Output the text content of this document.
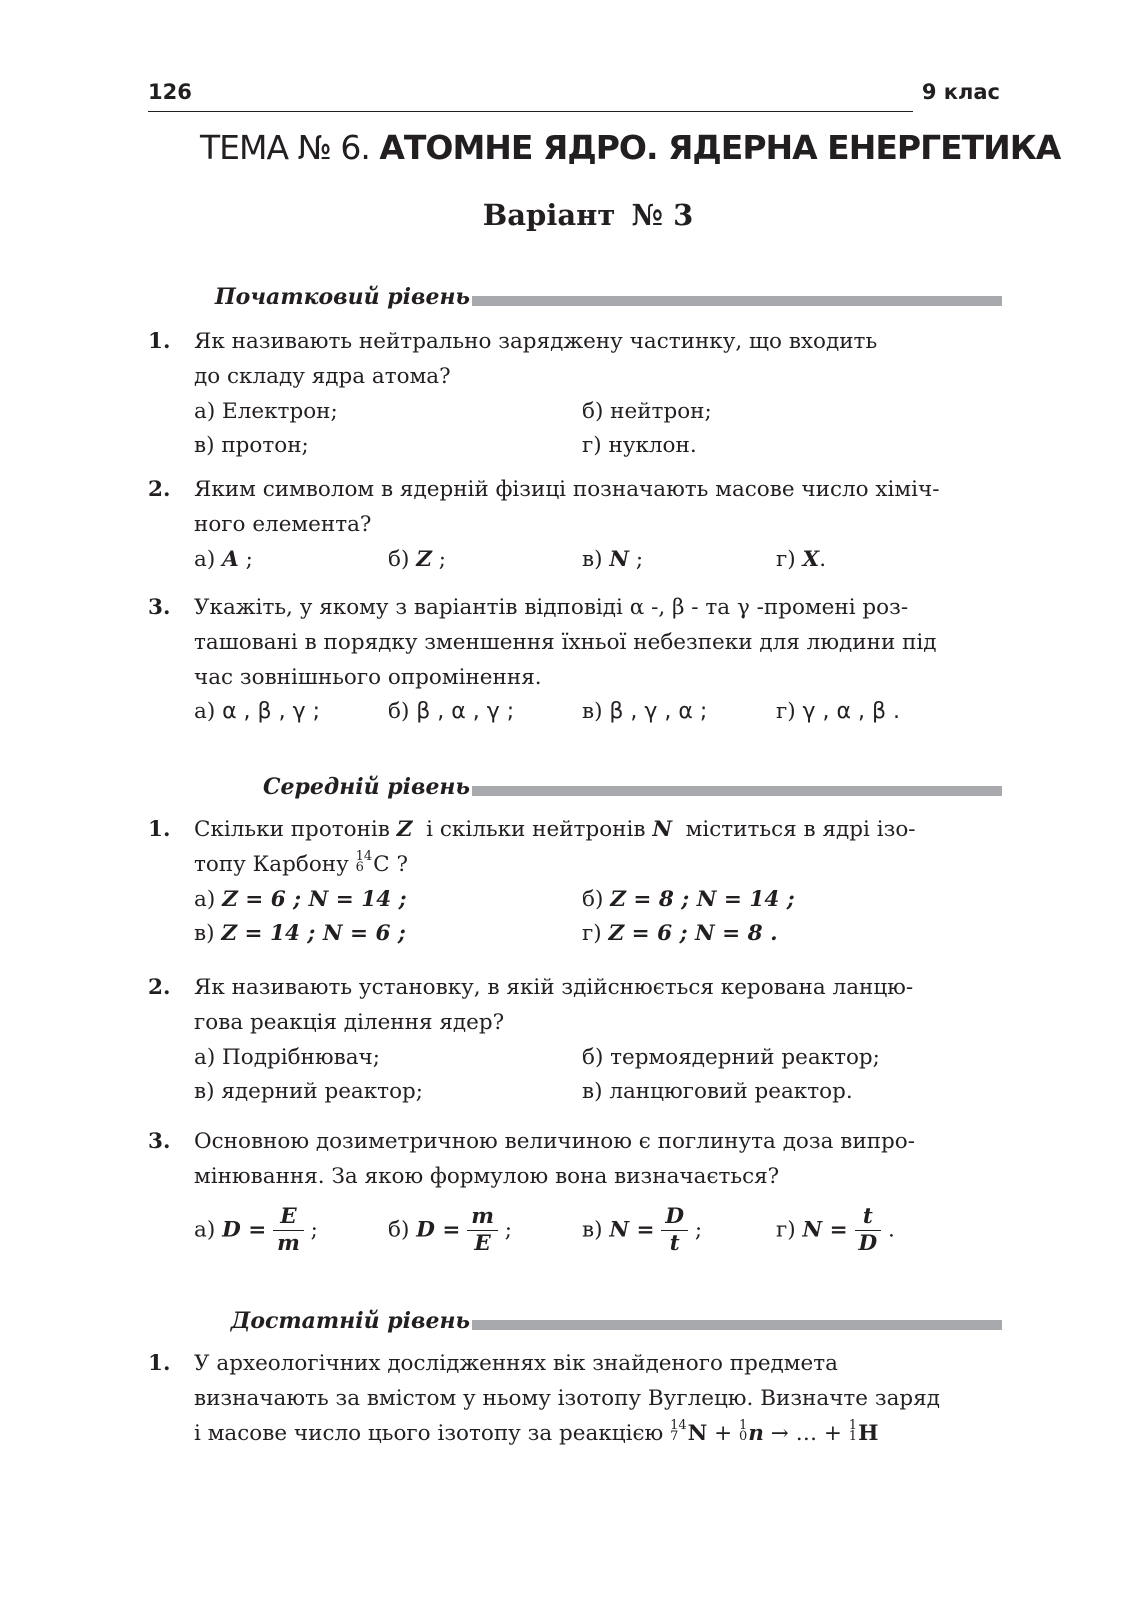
126	9 клас
ТЕМА № 6. АТОМНЕ ЯДРО. ЯДЕРНА ЕНЕРГЕТИКА
Варіант № 3
Початковий рівень
1. Як називають нейтрально заряджену частинку, що входить
до складу ядра атома?
а) Електрон;	б) нейтрон;
в) протон;	г) нуклон.
2. Яким символом в ядерній фізиці позначають масове число хіміч-
ного елемента?
а) A ;	б) Z ;	в) N ;	г) X.
3. Укажіть, у якому з варіантів відповіді α -, β - та γ -промені роз-
ташовані в порядку зменшення їхньої небезпеки для людини під
час зовнішнього опромінення.
а) α , β , γ ;	б) β , α , γ ;	в) β , γ , α ;	г) γ , α , β .
Середній рівень
1. Скільки протонів Z і скільки нейтронів N міститься в ядрі ізо-
топу Карбону 14
6 C ?
а) Z = 6 ; N = 14 ;	б) Z = 8 ; N = 14 ;
в) Z = 14 ; N = 6 ;	г) Z = 6 ; N = 8 .
2. Як називають установку, в якій здійснюється керована ланцю-
гова реакція ділення ядер?
а) Подрібнювач;	б) термоядерний реактор;
в) ядерний реактор;	в) ланцюговий реактор.
3. Основною дозиметричною величиною є поглинута доза випро-
мінювання. За якою формулою вона визначається?
а) $D = \frac{E}{m}$ ;	б) $D = \frac{m}{E}$ ;	в) $N = \frac{D}{t}$ ;	г) $N = \frac{t}{D}$ .
Достатній рівень
1. У археологічних дослідженнях вік знайденого предмета
визначають за вмістом у ньому ізотопу Вуглецю. Визначте заряд
і масове число цього ізотопу за реакцією 14
7 N + 1
0 n → … + 1
1 H
